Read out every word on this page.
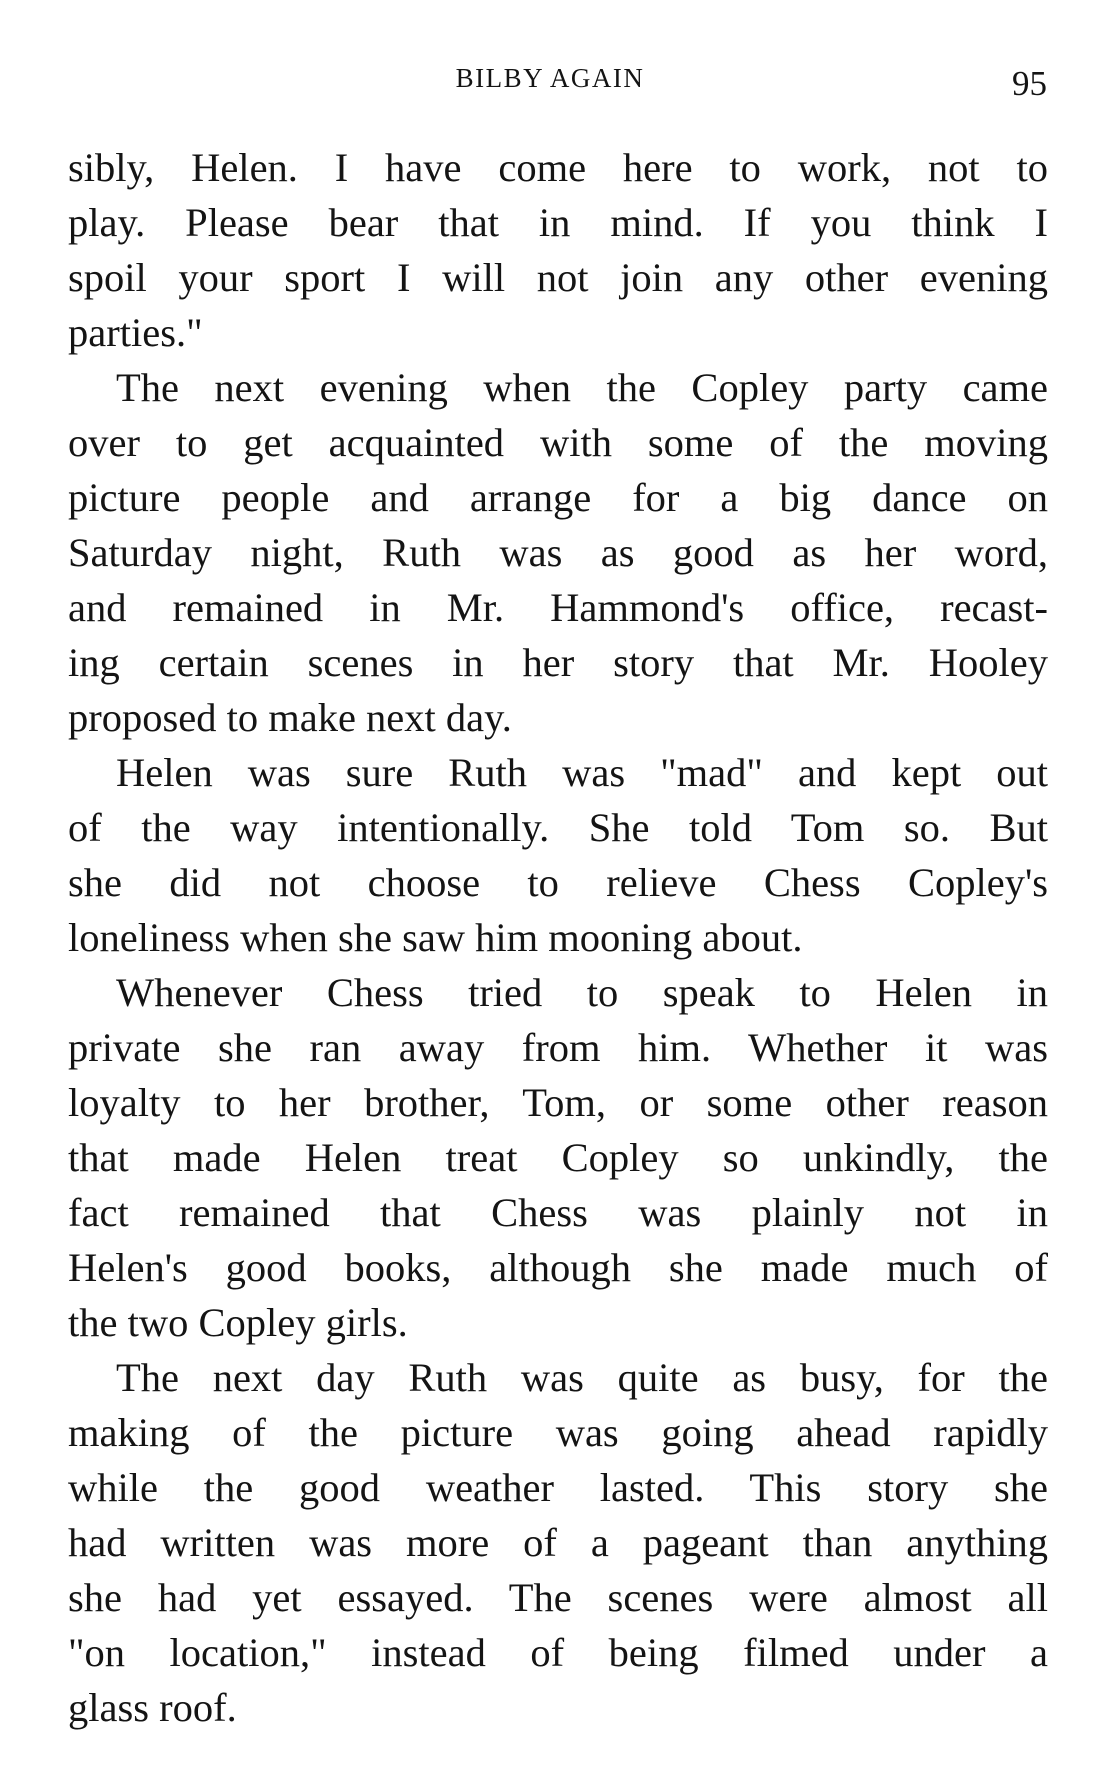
BILBY AGAIN	95
sibly, Helen. I have come here to work, not to
play. Please bear that in mind. If you think I
spoil your sport I will not join any other evening
parties."
The next evening when the Copley party came
over to get acquainted with some of the moving
picture people and arrange for a big dance on
Saturday night, Ruth was as good as her word,
and remained in Mr. Hammond's office, recast-
ing certain scenes in her story that Mr. Hooley
proposed to make next day.
Helen was sure Ruth was "mad" and kept out
of the way intentionally. She told Tom so. But
she did not choose to relieve Chess Copley's
loneliness when she saw him mooning about.
Whenever Chess tried to speak to Helen in
private she ran away from him. Whether it was
loyalty to her brother, Tom, or some other reason
that made Helen treat Copley so unkindly, the
fact remained that Chess was plainly not in
Helen's good books, although she made much of
the two Copley girls.
The next day Ruth was quite as busy, for the
making of the picture was going ahead rapidly
while the good weather lasted. This story she
had written was more of a pageant than anything
she had yet essayed. The scenes were almost all
"on location," instead of being filmed under a
glass roof.
